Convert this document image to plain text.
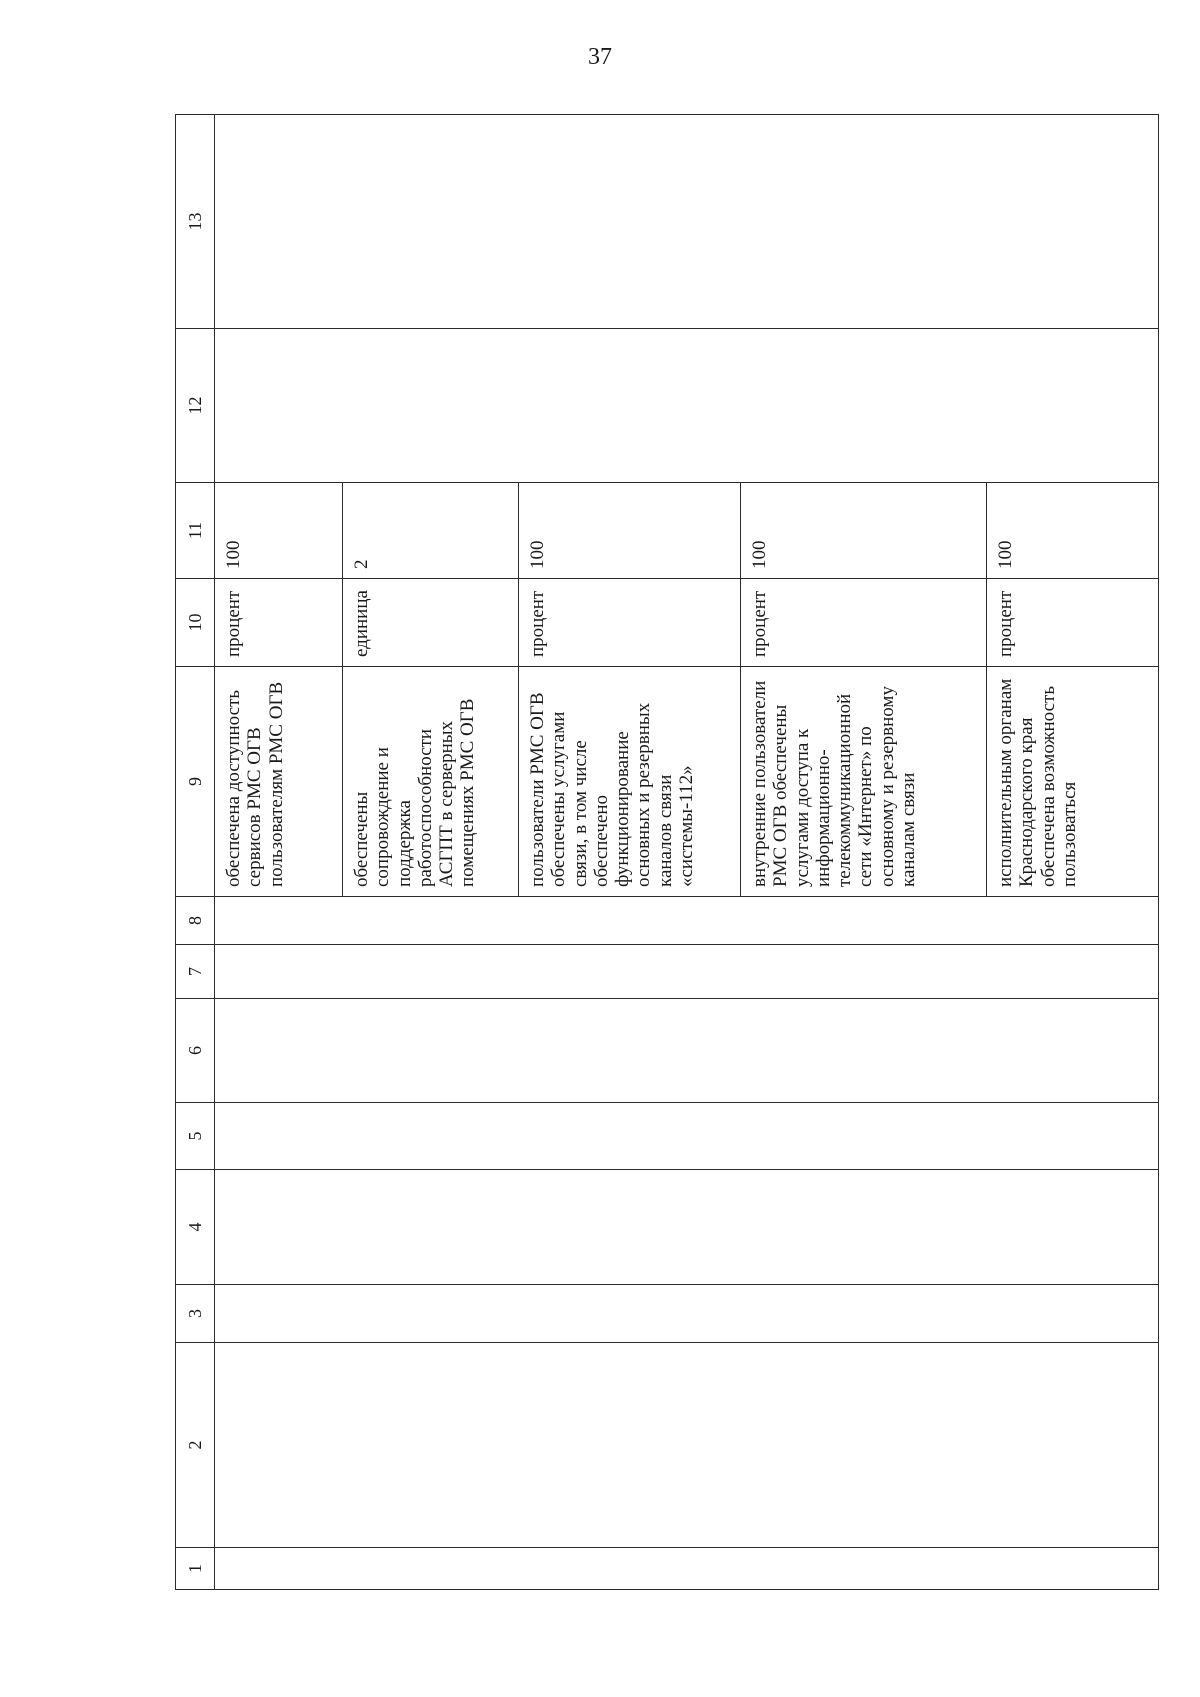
37
1	2	3	4	5	6	7	8	9	10	11	12	13
								обеспечена доступность сервисов РМС ОГВ пользователям РМС ОГВ	процент	100		
								обеспечены сопровождение и поддержка работоспособности АСГПТ в серверных помещениях РМС ОГВ	единица	2		
								пользователи РМС ОГВ обеспечены услугами связи, в том числе обеспечено функционирование основных и резервных каналов связи «системы-112»	процент	100		
								внутренние пользователи РМС ОГВ обеспечены услугами доступа к информационно-телекоммуникационной сети «Интернет» по основному и резервному каналам связи	процент	100		
								исполнительным органам Краснодарского края обеспечена возможность пользоваться	процент	100		
